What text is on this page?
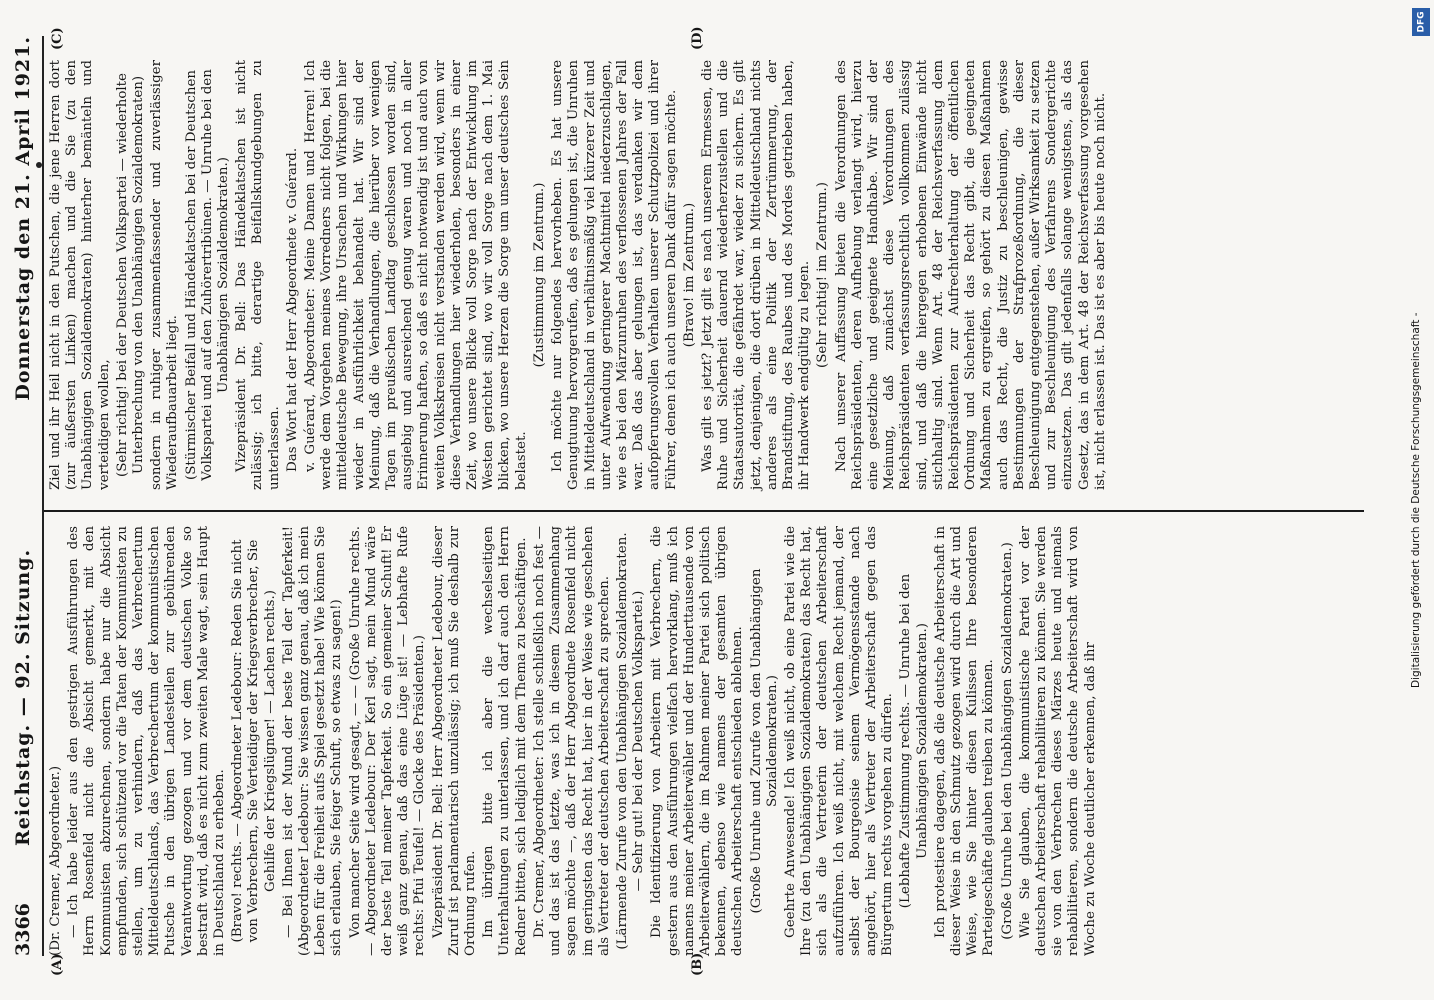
3366
Reichstag. — 92. Sitzung.
Donnerstag den 21. April 1921.
(A)	(B)
(C)	(D)

(Dr. Cremer, Abgeordneter.) — Ich habe leider aus den gestrigen Ausführungen des Herrn Rosenfeld nicht die Absicht gemerkt, mit den Kommunisten abzurechnen, sondern habe nur die Absicht empfunden, sich schützend vor die Taten der Kommunisten zu stellen, um zu verhindern, daß das Verbrechertum Mitteldeutschlands, das Verbrechertum der kommunistischen Putsche in den übrigen Landesteilen zur gebührenden Verantwortung gezogen und vor dem deutschen Volke so bestraft wird, daß es nicht zum zweiten Male wagt, sein Haupt in Deutschland zu erheben. (Bravo! rechts. — Abgeordneter Ledebour: Reden Sie nicht von Verbrechern, Sie Verteidiger der Kriegsverbrecher, Sie Gehilfe der Kriegslügner! — Lachen rechts.) — Bei Ihnen ist der Mund der beste Teil der Tapferkeit! (Abgeordneter Ledebour: Sie wissen ganz genau, daß ich mein Leben für die Freiheit aufs Spiel gesetzt habe! Wie können Sie sich erlauben, Sie feiger Schuft, so etwas zu sagen!) Von mancher Seite wird gesagt, — — (Große Unruhe rechts. — Abgeordneter Ledebour: Der Kerl sagt, mein Mund wäre der beste Teil meiner Tapferkeit. So ein gemeiner Schuft! Er weiß ganz genau, daß das eine Lüge ist! — Lebhafte Rufe rechts: Pfui Teufel! — Glocke des Präsidenten.) Vizepräsident Dr. Bell: Herr Abgeordneter Ledebour, dieser Zuruf ist parlamentarisch unzulässig; ich muß Sie deshalb zur Ordnung rufen. Im übrigen bitte ich aber die wechselseitigen Unterhaltungen zu unterlassen, und ich darf auch den Herrn Redner bitten, sich lediglich mit dem Thema zu beschäftigen. Dr. Cremer, Abgeordneter: Ich stelle schließlich noch fest — und das ist das letzte, was ich in diesem Zusammenhang sagen möchte —, daß der Herr Abgeordnete Rosenfeld nicht im geringsten das Recht hat, hier in der Weise wie geschehen als Vertreter der deutschen Arbeiterschaft zu sprechen. (Lärmende Zurufe von den Unabhängigen Sozialdemokraten. — Sehr gut! bei der Deutschen Volkspartei.) Die Identifizierung von Arbeitern mit Verbrechern, die gestern aus den Ausführungen vielfach hervorklang, muß ich namens meiner Arbeiterwähler und der Hunderttausende von Arbeiterwählern, die im Rahmen meiner Partei sich politisch bekennen, ebenso wie namens der gesamten übrigen deutschen Arbeiterschaft entschieden ablehnen. (Große Unruhe und Zurufe von den Unabhängigen Sozialdemokraten.) Geehrte Anwesende! Ich weiß nicht, ob eine Partei wie die Ihre (zu den Unabhängigen Sozialdemokraten) das Recht hat, sich als die Vertreterin der deutschen Arbeiterschaft aufzuführen. Ich weiß nicht, mit welchem Recht jemand, der selbst der Bourgeoisie seinem Vermögensstande nach angehört, hier als Vertreter der Arbeiterschaft gegen das Bürgertum rechts vorgehen zu dürfen. (Lebhafte Zustimmung rechts. — Unruhe bei den Unabhängigen Sozialdemokraten.) Ich protestiere dagegen, daß die deutsche Arbeiterschaft in dieser Weise in den Schmutz gezogen wird durch die Art und Weise, wie Sie hinter diesen Kulissen Ihre besonderen Parteigeschäfte glauben treiben zu können. (Große Unruhe bei den Unabhängigen Sozialdemokraten.) Wie Sie glauben, die kommunistische Partei vor der deutschen Arbeiterschaft rehabilitieren zu können. Sie werden sie von den Verbrechen dieses Märzes heute und niemals rehabilitieren, sondern die deutsche Arbeiterschaft wird von Woche zu Woche deutlicher erkennen, daß ihr

Ziel und ihr Heil nicht in den Putschen, die jene Herren dort (zur äußersten Linken) machen und die Sie (zu den Unabhängigen Sozialdemokraten) hinterher bemänteln und verteidigen wollen, (Sehr richtig! bei der Deutschen Volkspartei — wiederholte Unterbrechung von den Unabhängigen Sozialdemokraten) sondern in ruhiger zusammenfassender und zuverlässiger Wiederaufbauarbeit liegt. (Stürmischer Beifall und Händeklatschen bei der Deutschen Volkspartei und auf den Zuhörertribünen. — Unruhe bei den Unabhängigen Sozialdemokraten.) Vizepräsident Dr. Bell: Das Händeklatschen ist nicht zulässig; ich bitte, derartige Beifallskundgebungen zu unterlassen. Das Wort hat der Herr Abgeordnete v. Guérard. v. Guérard, Abgeordneter: Meine Damen und Herren! Ich werde dem Vorgehen meines Vorredners nicht folgen, bei die mitteldeutsche Bewegung, ihre Ursachen und Wirkungen hier wieder in Ausführlichkeit behandelt hat. Wir sind der Meinung, daß die Verhandlungen, die hierüber vor wenigen Tagen im preußischen Landtag geschlossen worden sind, ausgiebig und ausreichend genug waren und noch in aller Erinnerung haften, so daß es nicht notwendig ist und auch von weiten Volkskreisen nicht verstanden werden wird, wenn wir diese Verhandlungen hier wiederholen, besonders in einer Zeit, wo unsere Blicke voll Sorge nach der Entwicklung im Westen gerichtet sind, wo wir voll Sorge nach dem 1. Mai blicken, wo unsere Herzen die Sorge um unser deutsches Sein belastet.

(Zustimmung im Zentrum.) Ich möchte nur folgendes hervorheben. Es hat unsere Genugtuung hervorgerufen, daß es gelungen ist, die Unruhen in Mitteldeutschland in verhältnismäßig viel kürzerer Zeit und unter Aufwendung geringerer Machtmittel niederzuschlagen, wie es bei den Märzunruhen des verflossenen Jahres der Fall war. Daß das aber gelungen ist, das verdanken wir dem aufopferungsvollen Verhalten unserer Schutzpolizei und ihrer Führer, denen ich auch unseren Dank dafür sagen möchte. (Bravo! im Zentrum.) Was gilt es jetzt? Jetzt gilt es nach unserem Ermessen, die Ruhe und Sicherheit dauernd wiederherzustellen und die Staatsautorität, die gefährdet war, wieder zu sichern. Es gilt jetzt, denjenigen, die dort drüben in Mitteldeutschland nichts anderes als eine Politik der Zertrümmerung, der Brandstiftung, des Raubes und des Mordes getrieben haben, ihr Handwerk endgültig zu legen. (Sehr richtig! im Zentrum.) Nach unserer Auffassung bieten die Verordnungen des Reichspräsidenten, deren Aufhebung verlangt wird, hierzu eine gesetzliche und geeignete Handhabe. Wir sind der Meinung, daß zunächst diese Verordnungen des Reichspräsidenten verfassungsrechtlich vollkommen zulässig sind, und daß die hiergegen erhobenen Einwände nicht stichhaltig sind. Wenn Art. 48 der Reichsverfassung dem Reichspräsidenten zur Aufrechterhaltung der öffentlichen Ordnung und Sicherheit das Recht gibt, die geeigneten Maßnahmen zu ergreifen, so gehört zu diesen Maßnahmen auch das Recht, die Justiz zu beschleunigen, gewisse Bestimmungen der Strafprozeßordnung, die dieser Beschleunigung entgegenstehen, außer Wirksamkeit zu setzen und zur Beschleunigung des Verfahrens Sondergerichte einzusetzen. Das gilt jedenfalls solange wenigstens, als das Gesetz, das in dem Art. 48 der Reichsverfassung vorgesehen ist, nicht erlassen ist. Das ist es aber bis heute noch nicht.

DFG
Digitalisierung gefördert durch die Deutsche Forschungsgemeinschaft -
